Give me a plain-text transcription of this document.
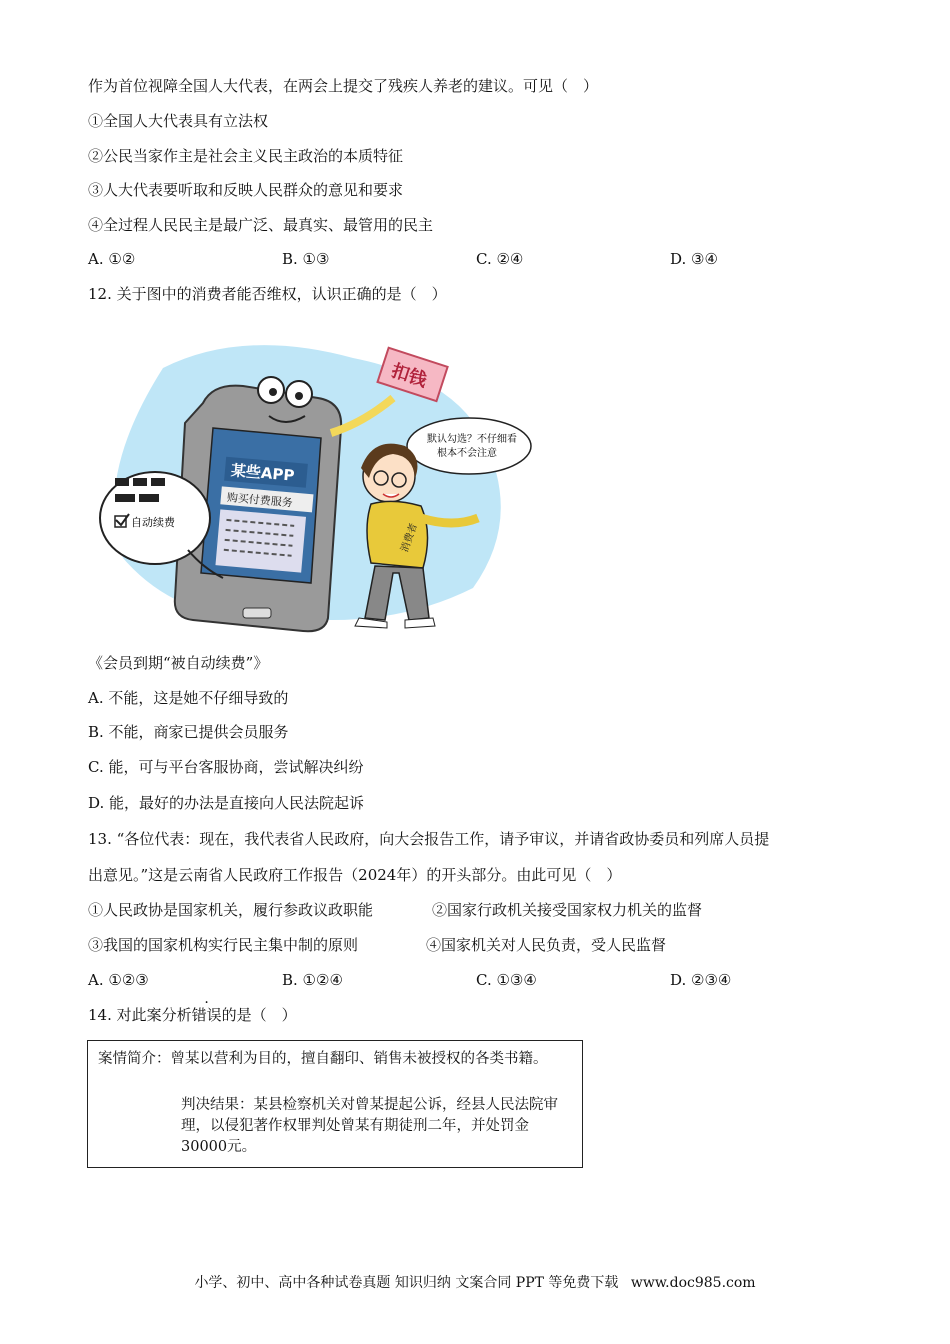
作为首位视障全国人大代表，在两会上提交了残疾人养老的建议。可见（　）
①全国人大代表具有立法权
②公民当家作主是社会主义民主政治的本质特征
③人大代表要听取和反映人民群众的意见和要求
④全过程人民民主是最广泛、最真实、最管用的民主
A. ①②	B. ①③	C. ②④	D. ③④
12. 关于图中的消费者能否维权，认识正确的是（　）
某些APP
购买付费服务
扣钱
自动续费
默认勾选？不仔细看
根本不会注意
消费者
《会员到期“被自动续费”》
A. 不能，这是她不仔细导致的
B. 不能，商家已提供会员服务
C. 能，可与平台客服协商，尝试解决纠纷
D. 能，最好的办法是直接向人民法院起诉
13. “各位代表：现在，我代表省人民政府，向大会报告工作，请予审议，并请省政协委员和列席人员提
出意见。”这是云南省人民政府工作报告（2024年）的开头部分。由此可见（　）
①人民政协是国家机关，履行参政议政职能	②国家行政机关接受国家权力机关的监督
③我国的国家机构实行民主集中制的原则	④国家机关对人民负责，受人民监督
A. ①②③	B. ①②④	C. ①③④	D. ②③④
14. 对此案分析错误的是（　）
案情简介：曾某以营利为目的，擅自翻印、销售未被授权的各类书籍。
判决结果：某县检察机关对曾某提起公诉，经县人民法院审理，以侵犯著作权罪判处曾某有期徒刑二年，并处罚金30000元。
小学、初中、高中各种试卷真题 知识归纳 文案合同 PPT 等免费下载 www.doc985.com
